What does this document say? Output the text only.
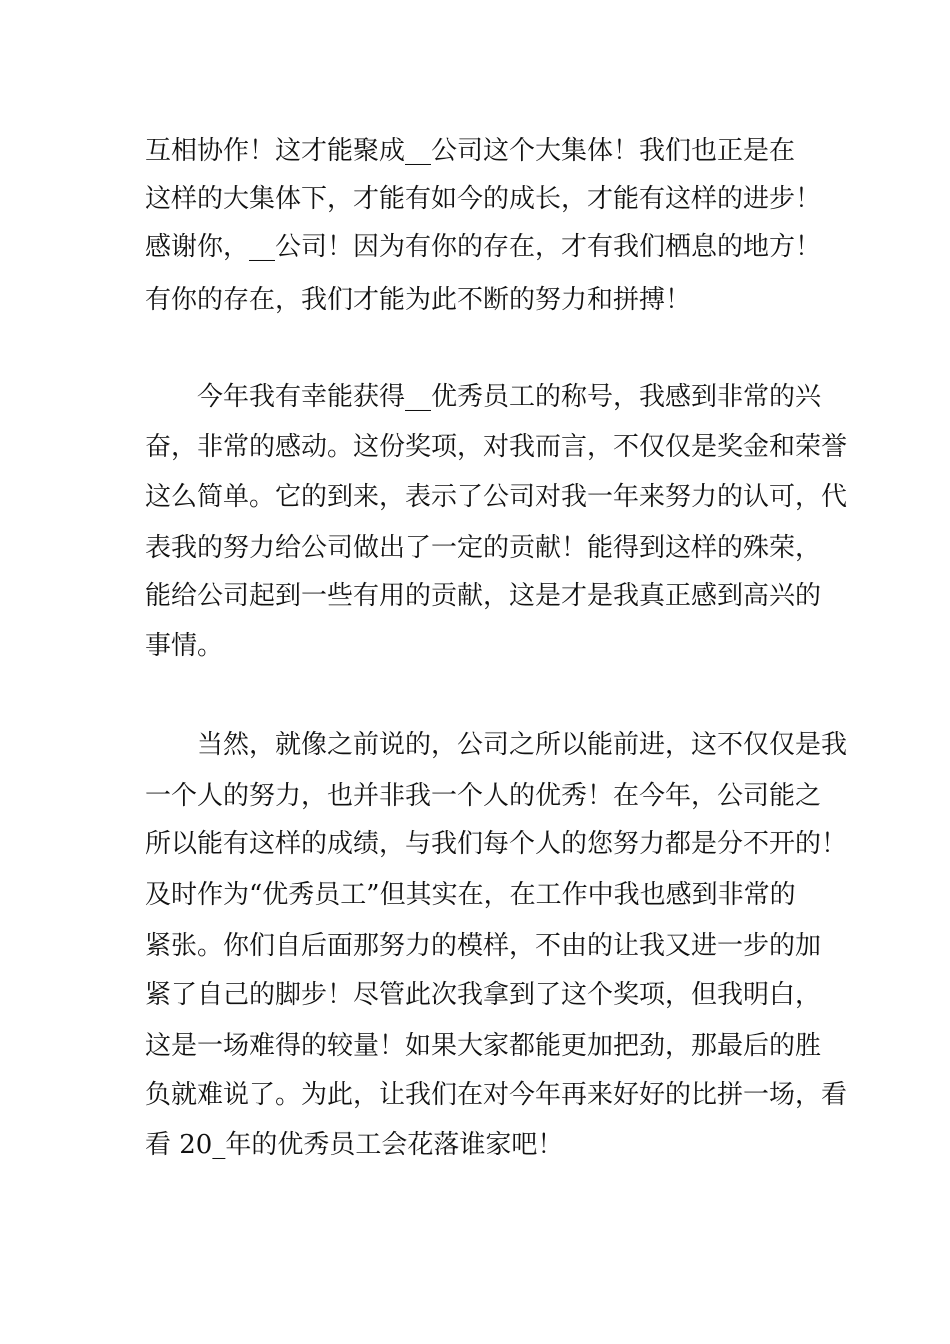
互相协作！这才能聚成__公司这个大集体！我们也正是在
这样的大集体下，才能有如今的成长，才能有这样的进步！
感谢你，__公司！因为有你的存在，才有我们栖息的地方！
有你的存在，我们才能为此不断的努力和拼搏！
今年我有幸能获得__优秀员工的称号，我感到非常的兴
奋，非常的感动。这份奖项，对我而言，不仅仅是奖金和荣誉
这么简单。它的到来，表示了公司对我一年来努力的认可，代
表我的努力给公司做出了一定的贡献！能得到这样的殊荣，
能给公司起到一些有用的贡献，这是才是我真正感到高兴的
事情。
当然，就像之前说的，公司之所以能前进，这不仅仅是我
一个人的努力，也并非我一个人的优秀！在今年，公司能之
所以能有这样的成绩，与我们每个人的您努力都是分不开的！
及时作为“优秀员工”但其实在，在工作中我也感到非常的
紧张。你们自后面那努力的模样，不由的让我又进一步的加
紧了自己的脚步！尽管此次我拿到了这个奖项，但我明白，
这是一场难得的较量！如果大家都能更加把劲，那最后的胜
负就难说了。为此，让我们在对今年再来好好的比拼一场，看
看 20_年的优秀员工会花落谁家吧！
